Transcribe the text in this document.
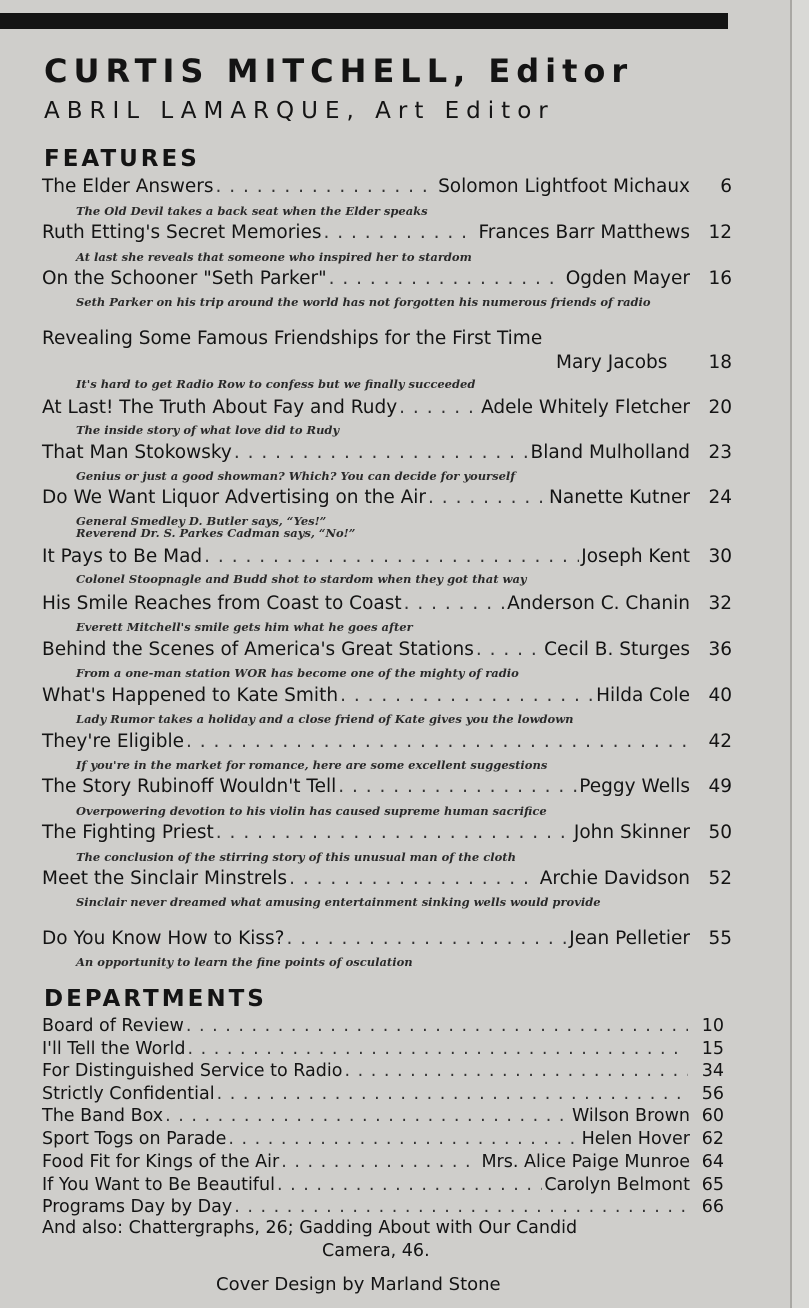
CURTIS MITCHELL, Editor
ABRIL LAMARQUE, Art Editor
FEATURES
The Elder Answers . . .	Solomon Lightfoot Michaux	6
The Old Devil takes a back seat when the Elder speaks
Ruth Etting's Secret Memories . . .	Frances Barr Matthews 12
At last she reveals that someone who inspired her to stardom
On the Schooner "Seth Parker" . . .	Ogden Mayer 16
Seth Parker on his trip around the world has not forgotten his numerous friends of radio
Revealing Some Famous Friendships for the First Time
Mary Jacobs	18
It's hard to get Radio Row to confess but we finally succeeded
At Last! The Truth About Fay and Rudy . . .	Adele Whitely Fletcher 20
The inside story of what love did to Rudy
That Man Stokowsky . . .	Bland Mulholland 23
Genius or just a good showman? Which? You can decide for yourself
Do We Want Liquor Advertising on the Air . . .	Nanette Kutner 24
General Smedley D. Butler says, “Yes!”
Reverend Dr. S. Parkes Cadman says, “No!”
It Pays to Be Mad . . .	Joseph Kent 30
Colonel Stoopnagle and Budd shot to stardom when they got that way
His Smile Reaches from Coast to Coast . . .	Anderson C. Chanin 32
Everett Mitchell's smile gets him what he goes after
Behind the Scenes of America's Great Stations . . .	Cecil B. Sturges 36
From a one-man station WOR has become one of the mighty of radio
What's Happened to Kate Smith . . .	Hilda Cole 40
Lady Rumor takes a holiday and a close friend of Kate gives you the lowdown
They're Eligible . . .	42
If you're in the market for romance, here are some excellent suggestions
The Story Rubinoff Wouldn't Tell . . .	Peggy Wells 49
Overpowering devotion to his violin has caused supreme human sacrifice
The Fighting Priest . . .	John Skinner 50
The conclusion of the stirring story of this unusual man of the cloth
Meet the Sinclair Minstrels . . .	Archie Davidson 52
Sinclair never dreamed what amusing entertainment sinking wells would provide
Do You Know How to Kiss? . . .	Jean Pelletier 55
An opportunity to learn the fine points of osculation
DEPARTMENTS
Board of Review . . .	10
I'll Tell the World . . .	15
For Distinguished Service to Radio . . .	34
Strictly Confidential . . .	56
The Band Box . . .	Wilson Brown 60
Sport Togs on Parade . . .	Helen Hover 62
Food Fit for Kings of the Air . . .	Mrs. Alice Paige Munroe 64
If You Want to Be Beautiful . . .	Carolyn Belmont 65
Programs Day by Day . . .	66
And also: Chattergraphs, 26; Gadding About with Our Candid
Camera, 46.
Cover Design by Marland Stone
